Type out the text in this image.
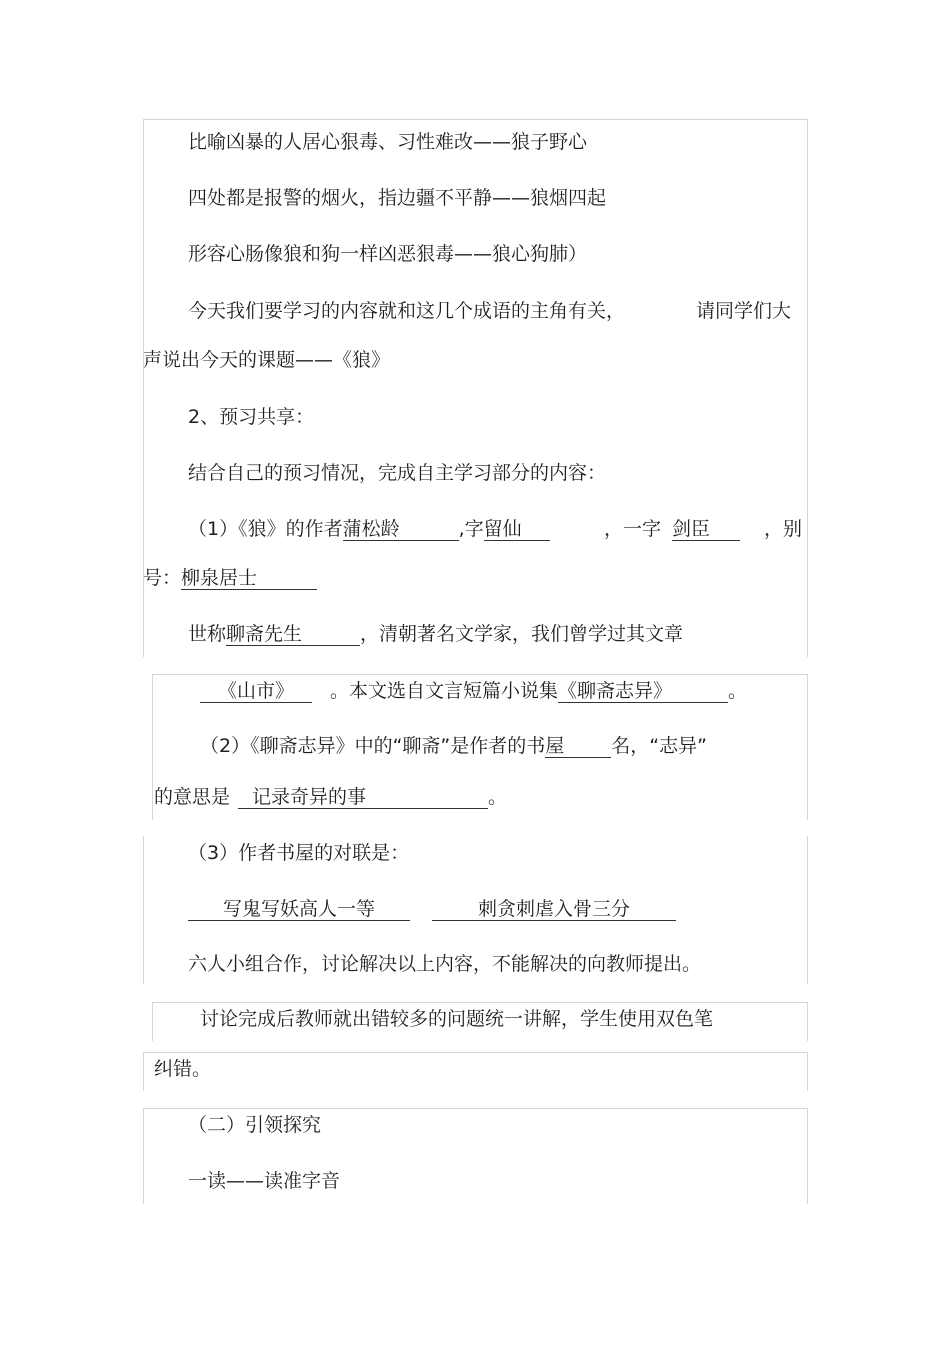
比喻凶暴的人居心狠毒、习性难改——狼子野心
四处都是报警的烟火，指边疆不平静——狼烟四起
形容心肠像狼和狗一样凶恶狠毒——狼心狗肺）
今天我们要学习的内容就和这几个成语的主角有关，	请同学们大
声说出今天的课题——《狼》
2、预习共享：
结合自己的预习情况，完成自主学习部分的内容：
（1）《狼》的作者蒲松龄	,字留仙	，一字 剑臣	，别
号：柳泉居士
世称聊斋先生	，清朝著名文学家，我们曾学过其文章
《山市》 。本文选自文言短篇小说集《聊斋志异》	。
（2）《聊斋志异》中的“聊斋”是作者的书屋 名，“志异”
的意思是 记录奇异的事	。
（3）作者书屋的对联是：
写鬼写妖高人一等	刺贪刺虐入骨三分
六人小组合作，讨论解决以上内容，不能解决的向教师提出。
讨论完成后教师就出错较多的问题统一讲解，学生使用双色笔
纠错。
（二）引领探究
一读——读准字音
